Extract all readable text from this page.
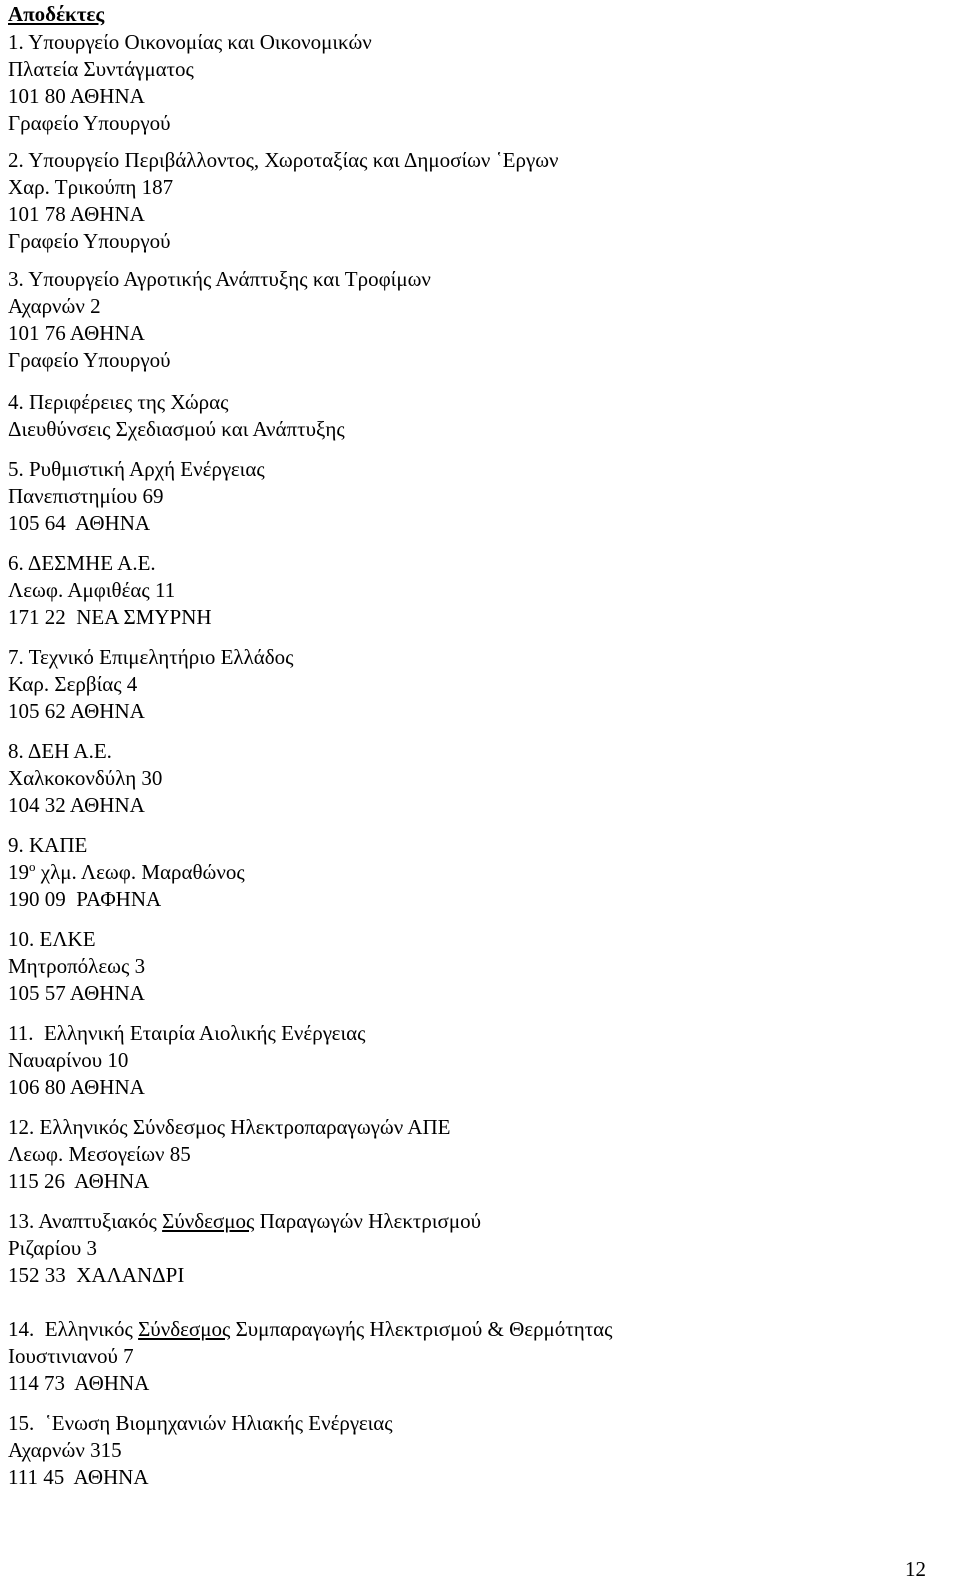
Αποδέκτες
1. Υπουργείο Οικονομίας και Οικονομικών
Πλατεία Συντάγματος
101 80 ΑΘΗΝΑ
Γραφείο Υπουργού
2. Υπουργείο Περιβάλλοντος, Χωροταξίας και Δημοσίων ῾Εργων
Χαρ. Τρικούπη 187
101 78 ΑΘΗΝΑ
Γραφείο Υπουργού
3. Υπουργείο Αγροτικής Ανάπτυξης και Τροφίμων
Αχαρνών 2
101 76 ΑΘΗΝΑ
Γραφείο Υπουργού
4. Περιφέρειες της Χώρας
Διευθύνσεις Σχεδιασμού και Ανάπτυξης
5. Ρυθμιστική Αρχή Ενέργειας
Πανεπιστημίου 69
105 64  ΑΘΗΝΑ
6. ΔΕΣΜΗΕ Α.Ε.
Λεωφ. Αμφιθέας 11
171 22  ΝΕΑ ΣΜΥΡΝΗ
7. Τεχνικό Επιμελητήριο Ελλάδος
Καρ. Σερβίας 4
105 62 ΑΘΗΝΑ
8. ΔΕΗ Α.Ε.
Χαλκοκονδύλη 30
104 32 ΑΘΗΝΑ
9. ΚΑΠΕ
$19^o$ χλμ. Λεωφ. Μαραθώνος
190 09  ΡΑΦΗΝΑ
10. ΕΛΚΕ
Μητροπόλεως 3
105 57 ΑΘΗΝΑ
11.  Ελληνική Εταιρία Αιολικής Ενέργειας
Ναυαρίνου 10
106 80 ΑΘΗΝΑ
12. Ελληνικός Σύνδεσμος Ηλεκτροπαραγωγών ΑΠΕ
Λεωφ. Μεσογείων 85
115 26  ΑΘΗΝΑ
13. Αναπτυξιακός Σύνδεσμος Παραγωγών Ηλεκτρισμού
Ριζαρίου 3
152 33  ΧΑΛΑΝΔΡΙ
14.  Ελληνικός Σύνδεσμος Συμπαραγωγής Ηλεκτρισμού & Θερμότητας
Ιουστινιανού 7
114 73  ΑΘΗΝΑ
15.  ῾Ενωση Βιομηχανιών Ηλιακής Ενέργειας
Αχαρνών 315
111 45  ΑΘΗΝΑ
12
